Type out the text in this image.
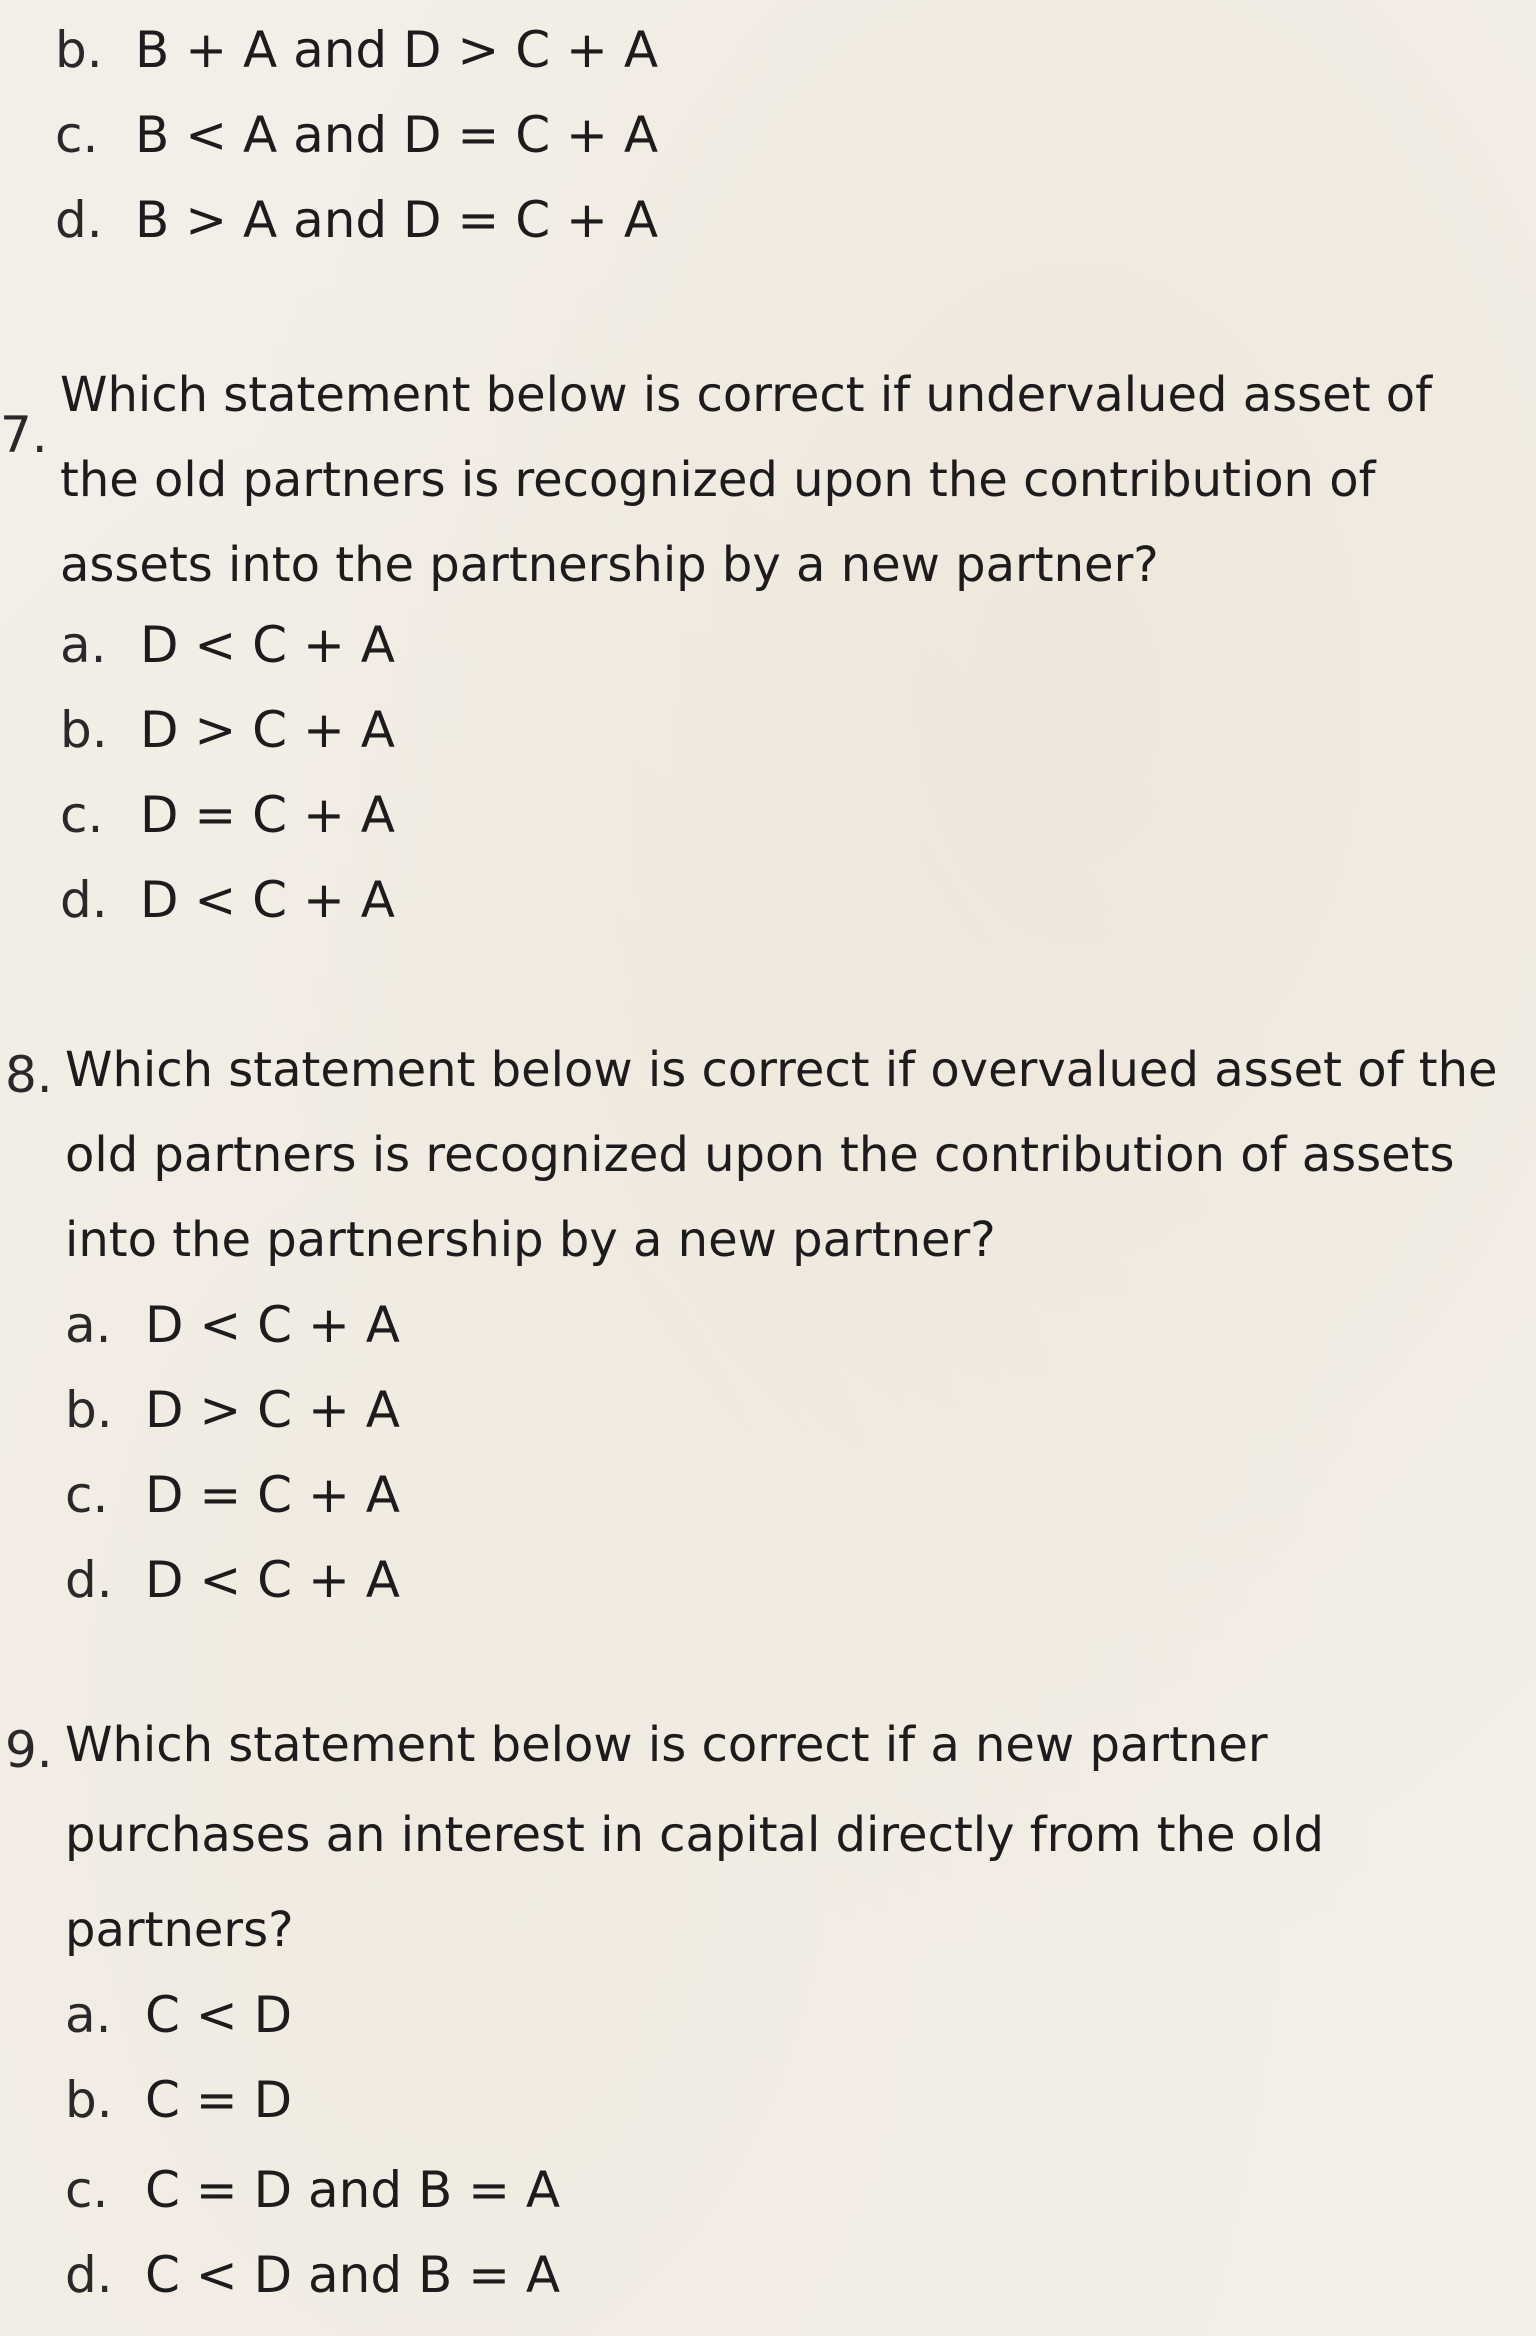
b. B + A and D > C + A
c. B < A and D = C + A
d. B > A and D = C + A
7.
Which statement below is correct if undervalued asset of
the old partners is recognized upon the contribution of
assets into the partnership by a new partner?
a. D < C + A
b. D > C + A
c. D = C + A
d. D < C + A
8. Which statement below is correct if overvalued asset of the
old partners is recognized upon the contribution of assets
into the partnership by a new partner?
a. D < C + A
b. D > C + A
c. D = C + A
d. D < C + A
9. Which statement below is correct if a new partner
purchases an interest in capital directly from the old
partners?
a. C < D
b. C = D
c. C = D and B = A
d. C < D and B = A
